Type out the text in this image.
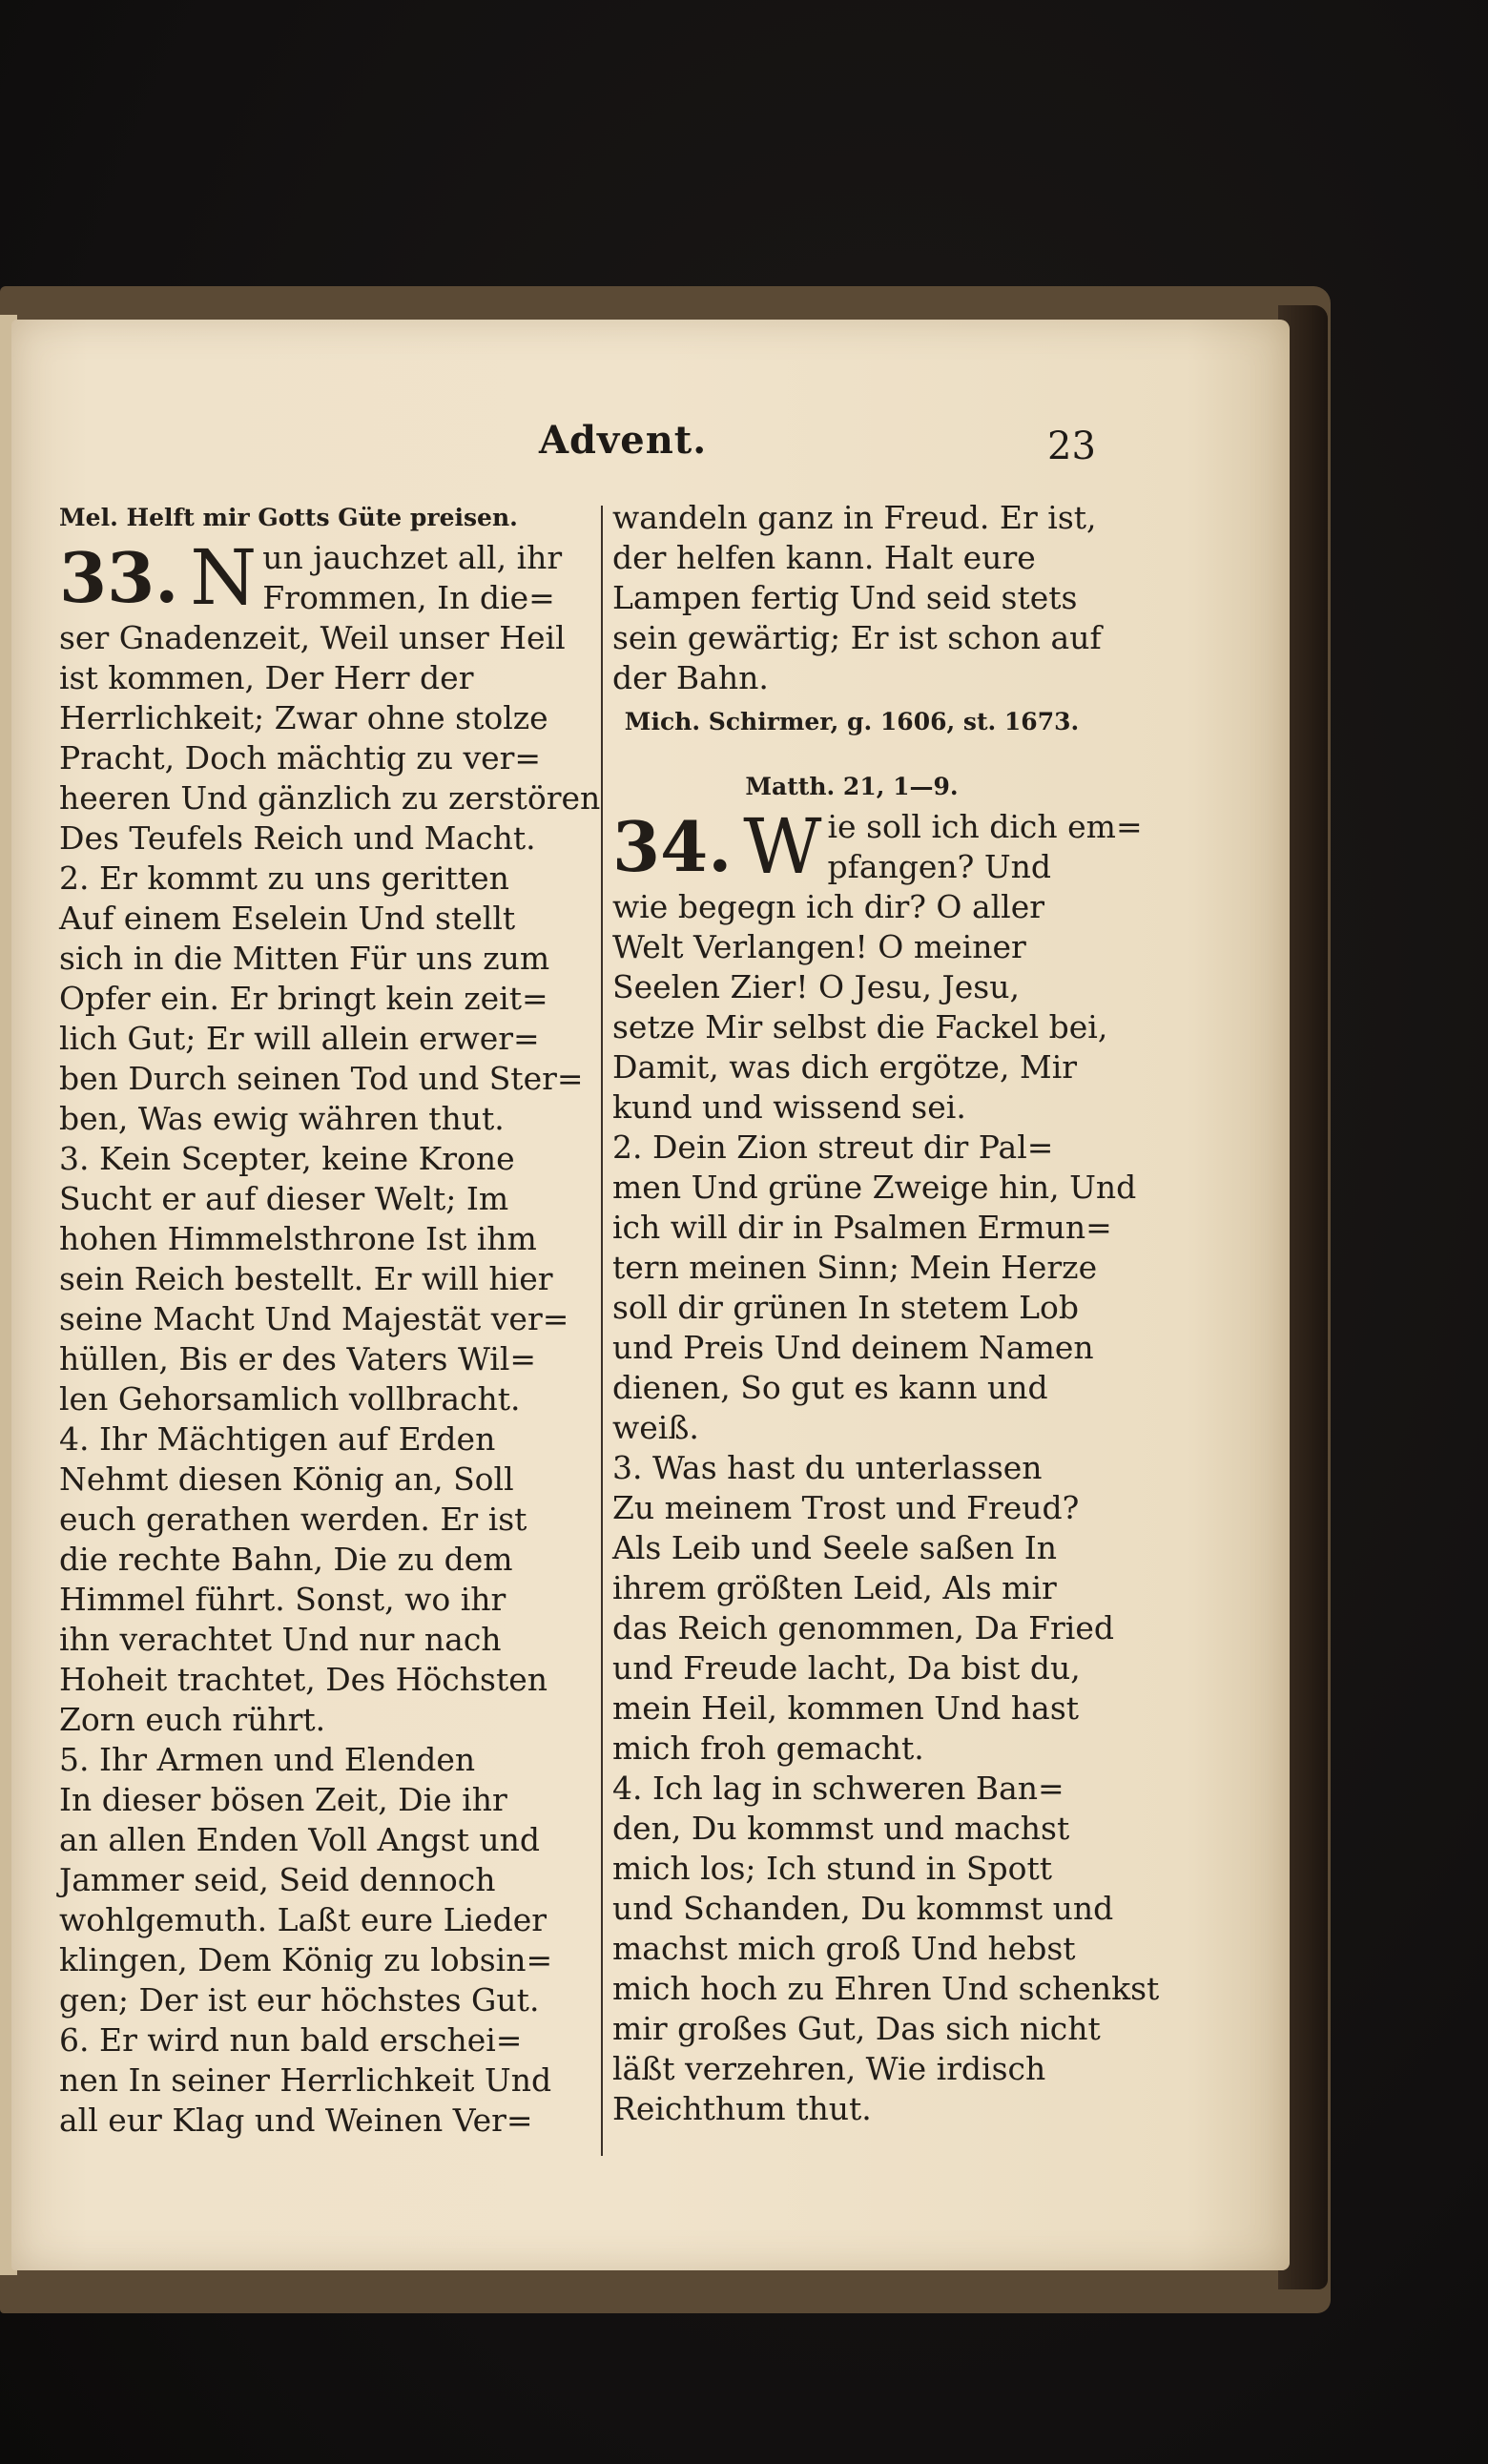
Advent.	23
Mel. Helft mir Gotts Güte preisen.
33. N un jauchzet all, ihr
Frommen, In die=
ser Gnadenzeit, Weil unser Heil
ist kommen, Der Herr der
Herrlichkeit; Zwar ohne stolze
Pracht, Doch mächtig zu ver=
heeren Und gänzlich zu zerstören
Des Teufels Reich und Macht.
2. Er kommt zu uns geritten
Auf einem Eselein Und stellt
sich in die Mitten Für uns zum
Opfer ein. Er bringt kein zeit=
lich Gut; Er will allein erwer=
ben Durch seinen Tod und Ster=
ben, Was ewig währen thut.
3. Kein Scepter, keine Krone
Sucht er auf dieser Welt; Im
hohen Himmelsthrone Ist ihm
sein Reich bestellt. Er will hier
seine Macht Und Majestät ver=
hüllen, Bis er des Vaters Wil=
len Gehorsamlich vollbracht.
4. Ihr Mächtigen auf Erden
Nehmt diesen König an, Soll
euch gerathen werden. Er ist
die rechte Bahn, Die zu dem
Himmel führt. Sonst, wo ihr
ihn verachtet Und nur nach
Hoheit trachtet, Des Höchsten
Zorn euch rührt.
5. Ihr Armen und Elenden
In dieser bösen Zeit, Die ihr
an allen Enden Voll Angst und
Jammer seid, Seid dennoch
wohlgemuth. Laßt eure Lieder
klingen, Dem König zu lobsin=
gen; Der ist eur höchstes Gut.
6. Er wird nun bald erschei=
nen In seiner Herrlichkeit Und
all eur Klag und Weinen Ver=
wandeln ganz in Freud. Er ist,
der helfen kann. Halt eure
Lampen fertig Und seid stets
sein gewärtig; Er ist schon auf
der Bahn.
Mich. Schirmer, g. 1606, st. 1673.
Matth. 21, 1—9.
34. W ie soll ich dich em=
pfangen? Und
wie begegn ich dir? O aller
Welt Verlangen! O meiner
Seelen Zier! O Jesu, Jesu,
setze Mir selbst die Fackel bei,
Damit, was dich ergötze, Mir
kund und wissend sei.
2. Dein Zion streut dir Pal=
men Und grüne Zweige hin, Und
ich will dir in Psalmen Ermun=
tern meinen Sinn; Mein Herze
soll dir grünen In stetem Lob
und Preis Und deinem Namen
dienen, So gut es kann und
weiß.
3. Was hast du unterlassen
Zu meinem Trost und Freud?
Als Leib und Seele saßen In
ihrem größten Leid, Als mir
das Reich genommen, Da Fried
und Freude lacht, Da bist du,
mein Heil, kommen Und hast
mich froh gemacht.
4. Ich lag in schweren Ban=
den, Du kommst und machst
mich los; Ich stund in Spott
und Schanden, Du kommst und
machst mich groß Und hebst
mich hoch zu Ehren Und schenkst
mir großes Gut, Das sich nicht
läßt verzehren, Wie irdisch
Reichthum thut.
